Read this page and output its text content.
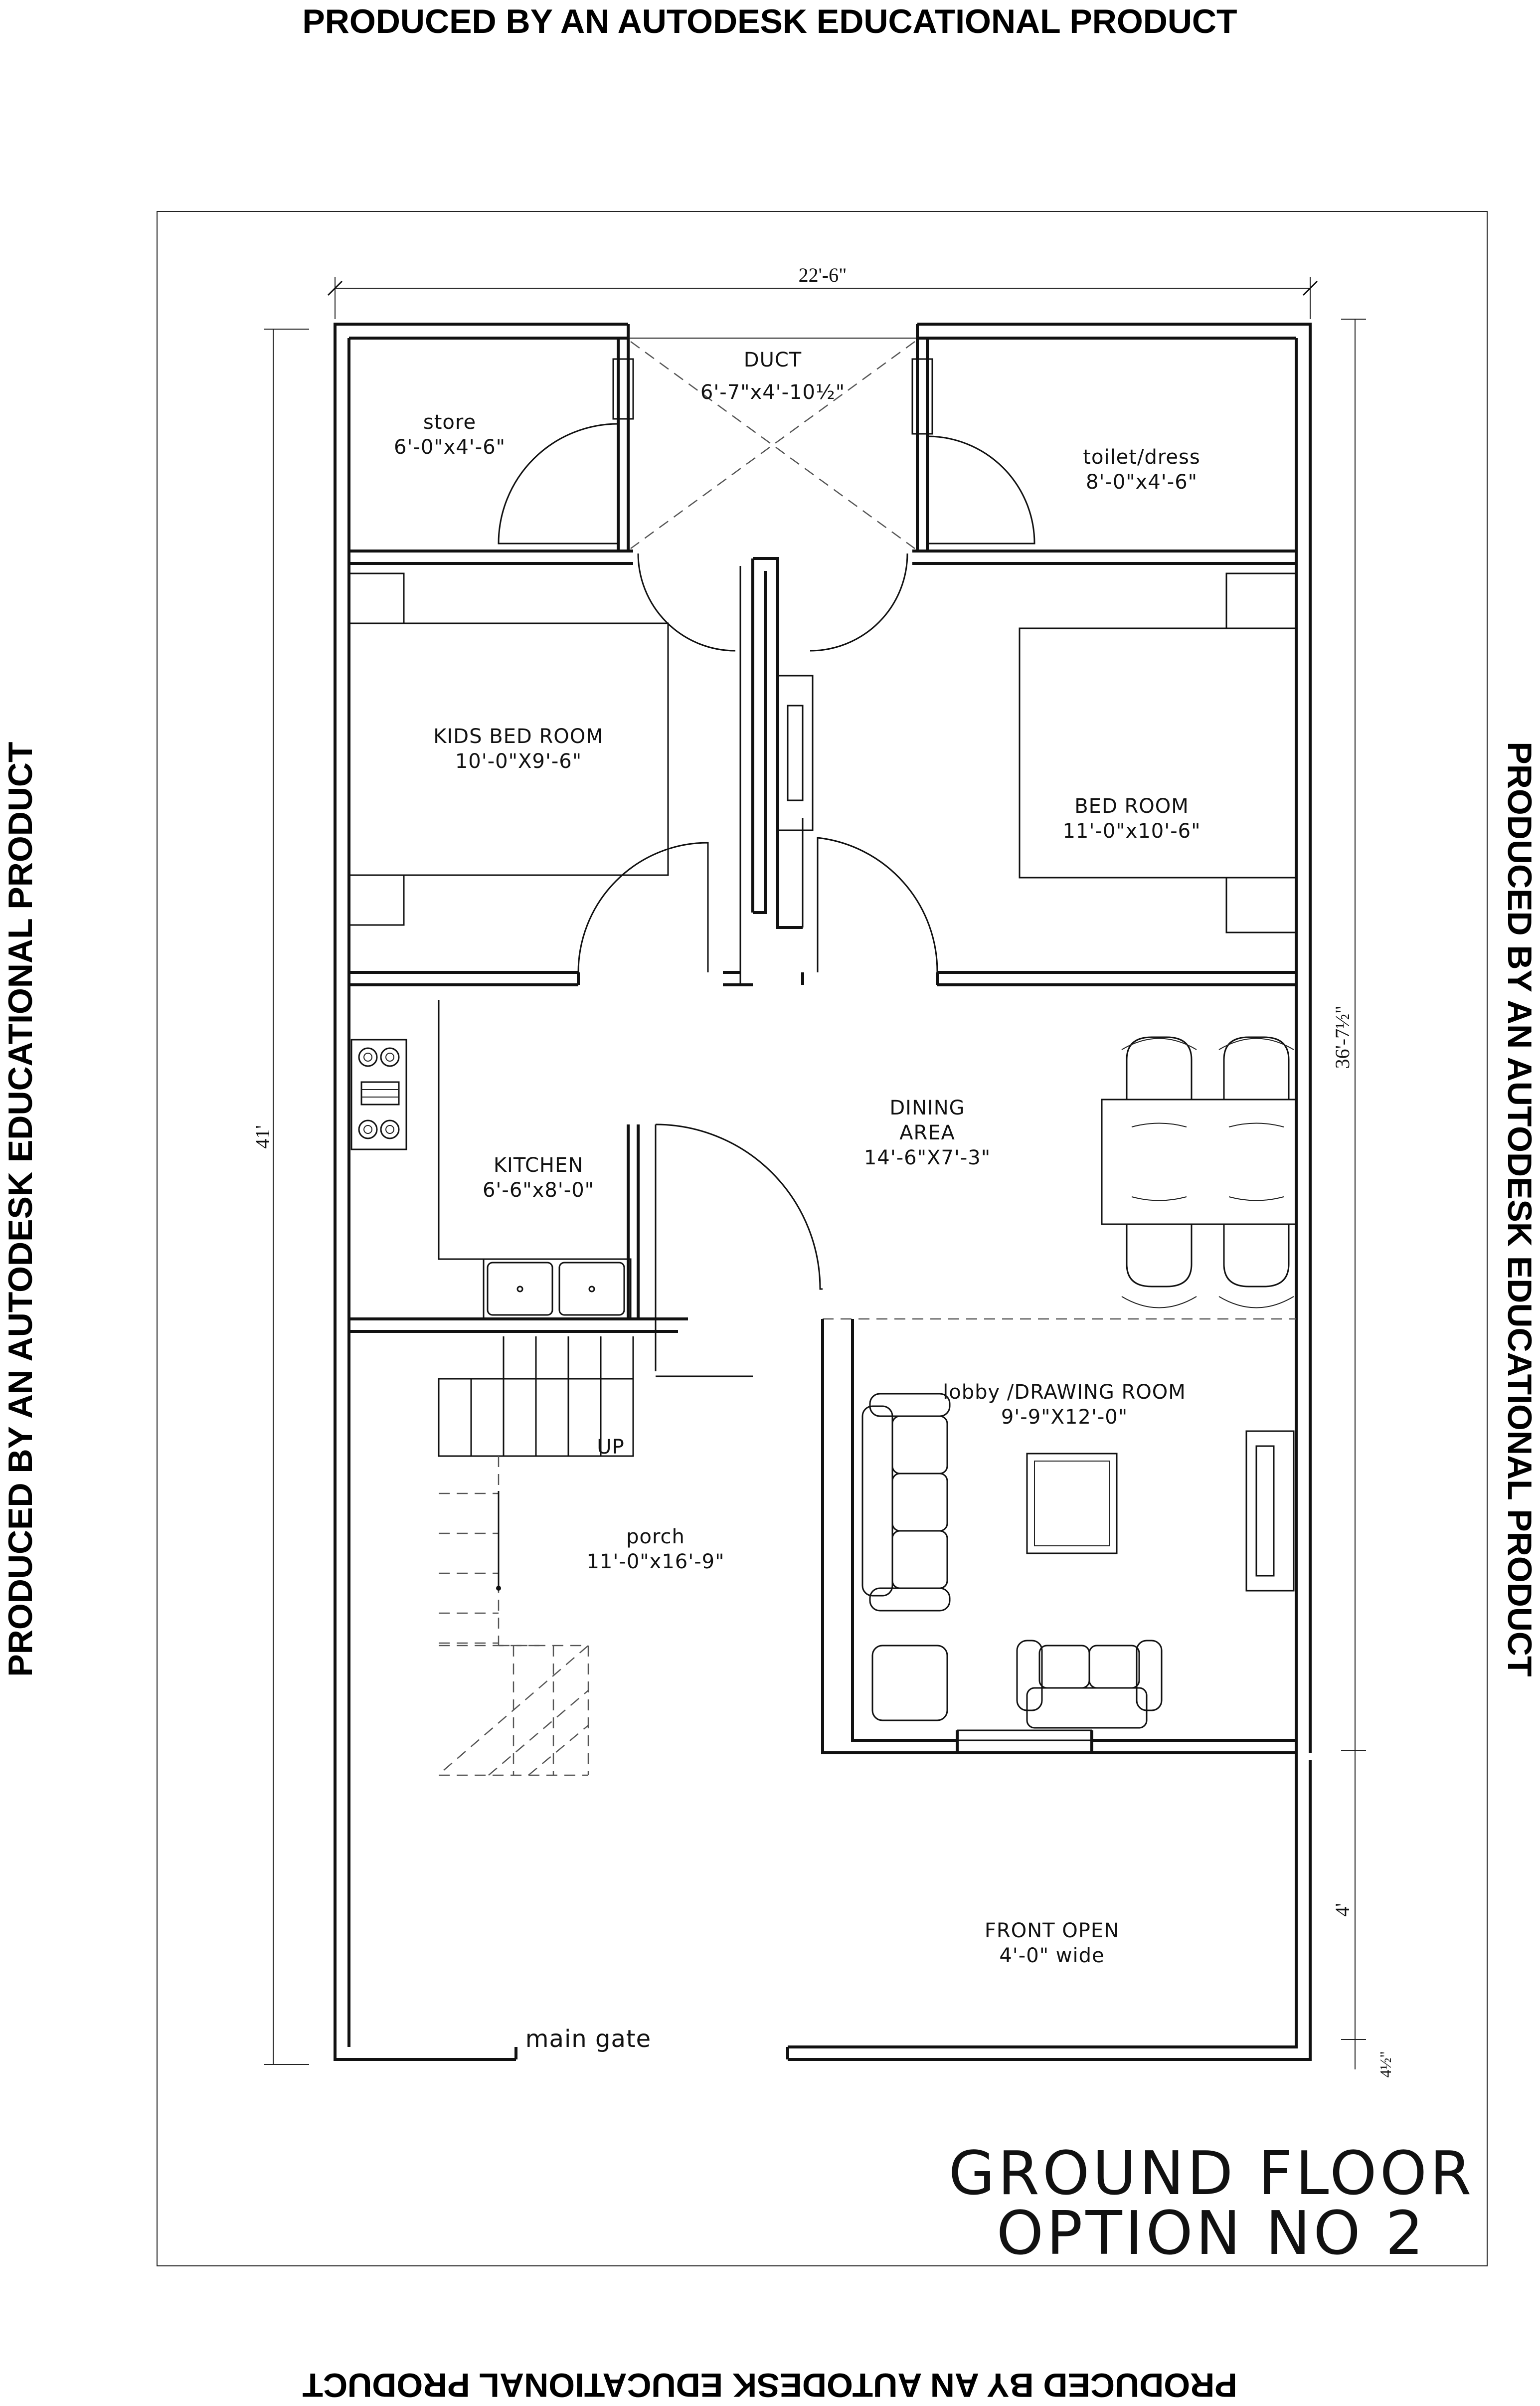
PRODUCED BY AN AUTODESK EDUCATIONAL PRODUCT
PRODUCED BY AN AUTODESK EDUCATIONAL PRODUCT	PRODUCED BY AN AUTODESK EDUCATIONAL PRODUCT
PRODUCED BY AN AUTODESK EDUCATIONAL PRODUCT
22'-6"
41'
36'-7½"
4'
4½"
DUCT
6'-7"x4'-10½"
store
6'-0"x4'-6"	toilet/dress
8'-0"x4'-6"
KIDS BED ROOM
10'-0"X9'-6"
BED ROOM
11'-0"x10'-6"
KITCHEN
6'-6"x8'-0"
DINING
AREA
14'-6"X7'-3"
lobby /DRAWING ROOM
9'-9"X12'-0"
UP
porch
11'-0"x16'-9"
FRONT OPEN
4'-0" wide
main gate
GROUND FLOOR
OPTION NO 2
